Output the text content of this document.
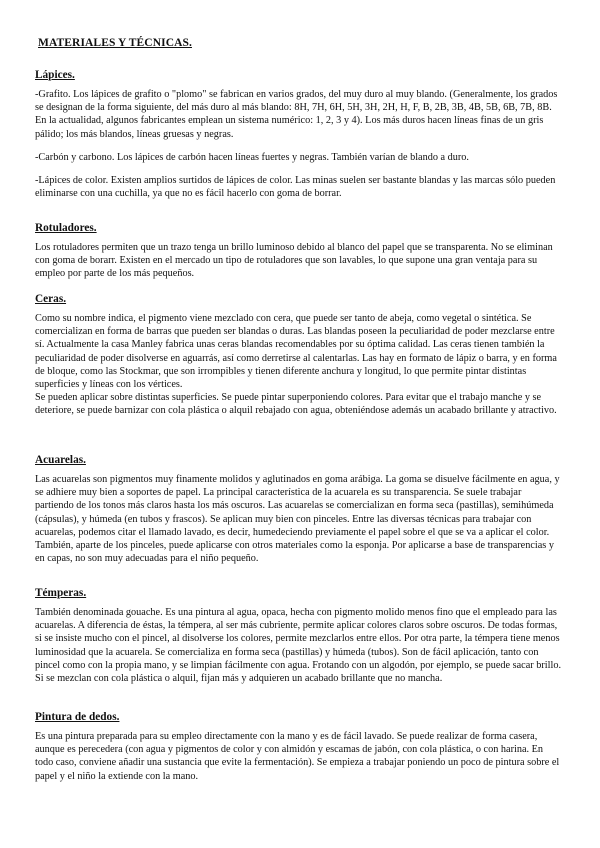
MATERIALES Y TÉCNICAS.
Lápices.

-Grafito. Los lápices de grafito o "plomo" se fabrican en varios grados, del muy duro al muy blando. (Generalmente, los grados se designan de la forma siguiente, del más duro al más blando: 8H, 7H, 6H, 5H, 3H, 2H, H, F, B, 2B, 3B, 4B, 5B, 6B, 7B, 8B. En la actualidad, algunos fabricantes emplean un sistema numérico: 1, 2, 3 y 4). Los más duros hacen líneas finas de un gris pálido; los más blandos, líneas gruesas y negras.

-Carbón y carbono. Los lápices de carbón hacen líneas fuertes y negras. También varían de blando a duro.

-Lápices de color. Existen amplios surtidos de lápices de color. Las minas suelen ser bastante blandas y las marcas sólo pueden eliminarse con una cuchilla, ya que no es fácil hacerlo con goma de borrar.

Rotuladores.

Los rotuladores permiten que un trazo tenga un brillo luminoso debido al blanco del papel que se transparenta. No se eliminan con goma de borarr. Existen en el mercado un tipo de rotuladores que son lavables, lo que supone una gran ventaja para su empleo por parte de los más pequeños.

Ceras.

Como su nombre indica, el pigmento viene mezclado con cera, que puede ser tanto de abeja, como vegetal o sintética. Se comercializan en forma de barras que pueden ser blandas o duras. Las blandas poseen la peculiaridad de poder mezclarse entre sí. Actualmente la casa Manley fabrica unas ceras blandas recomendables por su óptima calidad. Las ceras tienen también la peculiaridad de poder disolverse en aguarrás, así como derretirse al calentarlas. Las hay en formato de lápiz o barra, y en forma de bloque, como las Stockmar, que son irrompibles y tienen diferente anchura y longitud, lo que permite pintar distintas superficies y líneas con los vértices.

Se pueden aplicar sobre distintas superficies. Se puede pintar superponiendo colores. Para evitar que el trabajo manche y se deteriore, se puede barnizar con cola plástica o alquil rebajado con agua, obteniéndose además un acabado brillante y atractivo.

Acuarelas.

Las acuarelas son pigmentos muy finamente molidos y aglutinados en goma arábiga. La goma se disuelve fácilmente en agua, y se adhiere muy bien a soportes de papel. La principal característica de la acuarela es su transparencia. Se suele trabajar partiendo de los tonos más claros hasta los más oscuros. Las acuarelas se comercializan en forma seca (pastillas), semihúmeda (cápsulas), y húmeda (en tubos y frascos). Se aplican muy bien con pinceles. Entre las diversas técnicas para trabajar con acuarelas, podemos citar el llamado lavado, es decir, humedeciendo previamente el papel sobre el que se va a aplicar el color. También, aparte de los pinceles, puede aplicarse con otros materiales como la esponja. Por aplicarse a base de transparencias y en capas, no son muy adecuadas para el niño pequeño.

Témperas.

También denominada gouache. Es una pintura al agua, opaca, hecha con pigmento molido menos fino que el empleado para las acuarelas. A diferencia de éstas, la témpera, al ser más cubriente, permite aplicar colores claros sobre oscuros. De todas formas, si se insiste mucho con el pincel, al disolverse los colores, permite mezclarlos entre ellos. Por otra parte, la témpera tiene menos luminosidad que la acuarela. Se comercializa en forma seca (pastillas) y húmeda (tubos). Son de fácil aplicación, tanto con pincel como con la propia mano, y se limpian fácilmente con agua. Frotando con un algodón, por ejemplo, se puede sacar brillo. Si se mezclan con cola plástica o alquil, fijan más y adquieren un acabado brillante que no mancha.

Pintura de dedos.

Es una pintura preparada para su empleo directamente con la mano y es de fácil lavado. Se puede realizar de forma casera, aunque es perecedera (con agua y pigmentos de color y con almidón y escamas de jabón, con cola plástica, o con harina. En todo caso, conviene añadir una sustancia que evite la fermentación). Se empieza a trabajar poniendo un poco de pintura sobre el papel y el niño la extiende con la mano.
